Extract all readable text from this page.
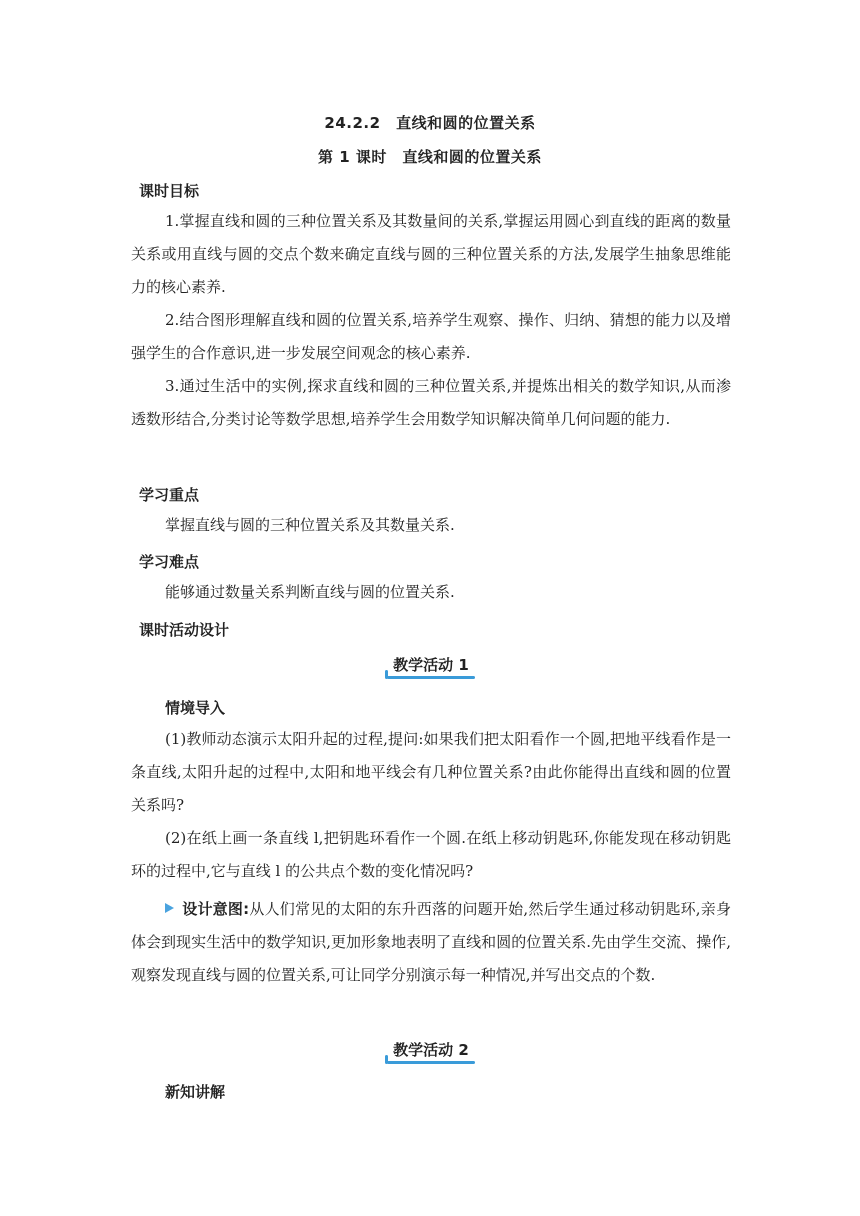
24.2.2　直线和圆的位置关系
第 1 课时　直线和圆的位置关系
课时目标

1.掌握直线和圆的三种位置关系及其数量间的关系,掌握运用圆心到直线的距离的数量关系或用直线与圆的交点个数来确定直线与圆的三种位置关系的方法,发展学生抽象思维能力的核心素养.

2.结合图形理解直线和圆的位置关系,培养学生观察、操作、归纳、猜想的能力以及增强学生的合作意识,进一步发展空间观念的核心素养.

3.通过生活中的实例,探求直线和圆的三种位置关系,并提炼出相关的数学知识,从而渗透数形结合,分类讨论等数学思想,培养学生会用数学知识解决简单几何问题的能力.

学习重点

掌握直线与圆的三种位置关系及其数量关系.

学习难点

能够通过数量关系判断直线与圆的位置关系.

课时活动设计
教学活动 1
情境导入

(1)教师动态演示太阳升起的过程,提问:如果我们把太阳看作一个圆,把地平线看作是一条直线,太阳升起的过程中,太阳和地平线会有几种位置关系?由此你能得出直线和圆的位置关系吗?

(2)在纸上画一条直线 l,把钥匙环看作一个圆.在纸上移动钥匙环,你能发现在移动钥匙环的过程中,它与直线 l 的公共点个数的变化情况吗?

设计意图:从人们常见的太阳的东升西落的问题开始,然后学生通过移动钥匙环,亲身体会到现实生活中的数学知识,更加形象地表明了直线和圆的位置关系.先由学生交流、操作,观察发现直线与圆的位置关系,可让同学分别演示每一种情况,并写出交点的个数.

教学活动 2
新知讲解
